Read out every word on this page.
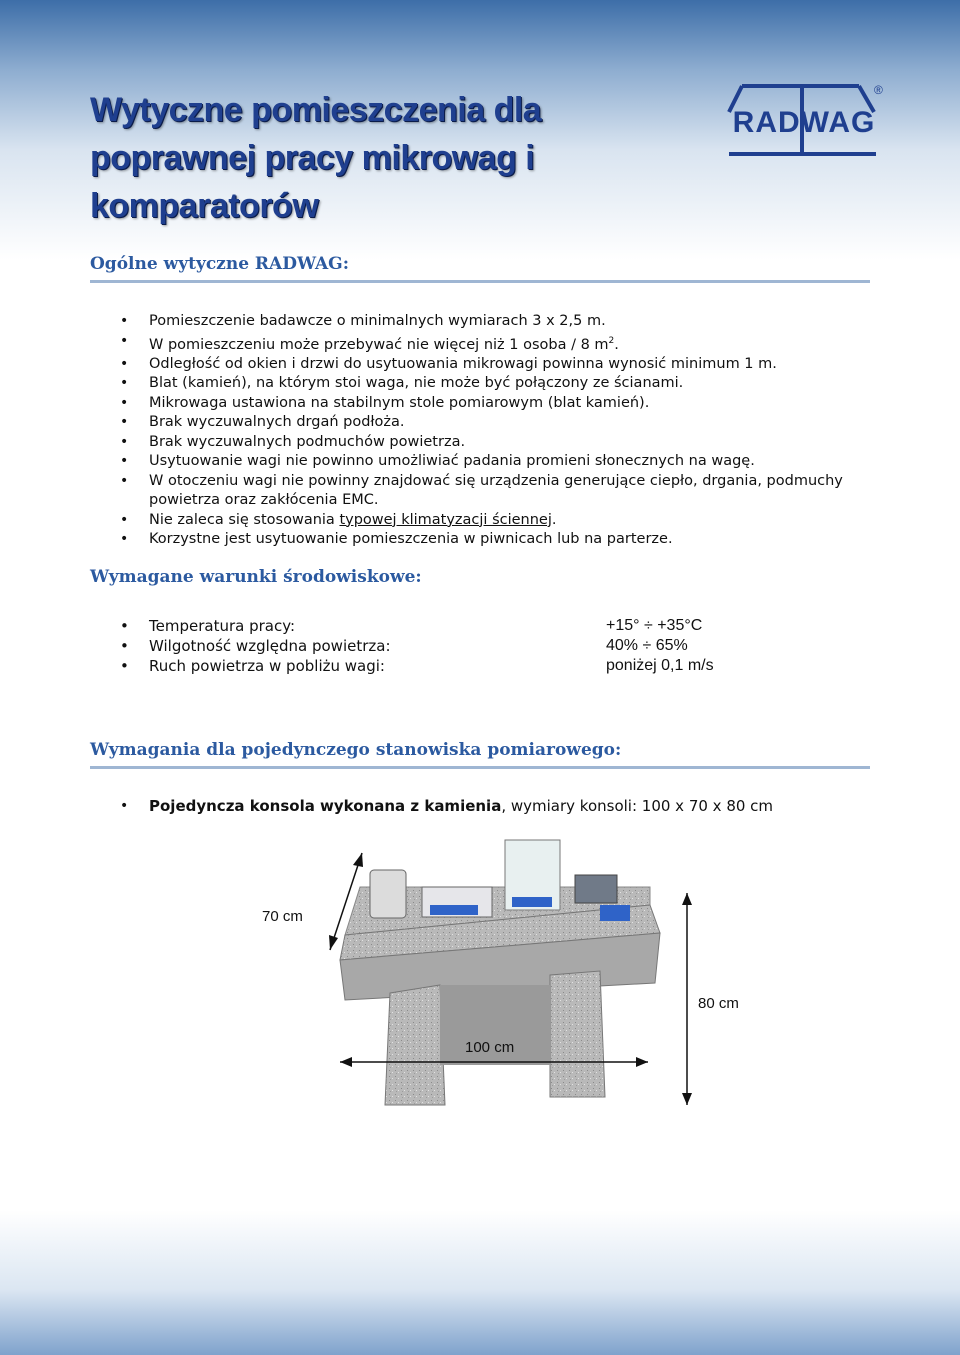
Wytyczne pomieszczenia dla poprawnej pracy mikrowag i komparatorów
RADWAG
®
Ogólne wytyczne RADWAG:
• Pomieszczenie badawcze o minimalnych wymiarach 3 x 2,5 m.
• W pomieszczeniu może przebywać nie więcej niż 1 osoba / 8 $m^2$.
• Odległość od okien i drzwi do usytuowania mikrowagi powinna wynosić minimum 1 m.
• Blat (kamień), na którym stoi waga, nie może być połączony ze ścianami.
• Mikrowaga ustawiona na stabilnym stole pomiarowym (blat kamień).
• Brak wyczuwalnych drgań podłoża.
• Brak wyczuwalnych podmuchów powietrza.
• Usytuowanie wagi nie powinno umożliwiać padania promieni słonecznych na wagę.
• W otoczeniu wagi nie powinny znajdować się urządzenia generujące ciepło, drgania, podmuchy powietrza oraz zakłócenia EMC.
• Nie zaleca się stosowania typowej klimatyzacji ściennej.
• Korzystne jest usytuowanie pomieszczenia w piwnicach lub na parterze.
Wymagane warunki środowiskowe:
• Temperatura pracy:	+15° ÷ +35°C
• Wilgotność względna powietrza:	40% ÷ 65%
• Ruch powietrza w pobliżu wagi:	poniżej 0,1 m/s
Wymagania dla pojedynczego stanowiska pomiarowego:
• Pojedyncza konsola wykonana z kamienia, wymiary konsoli: 100 x 70 x 80 cm
70 cm
80 cm
100 cm
